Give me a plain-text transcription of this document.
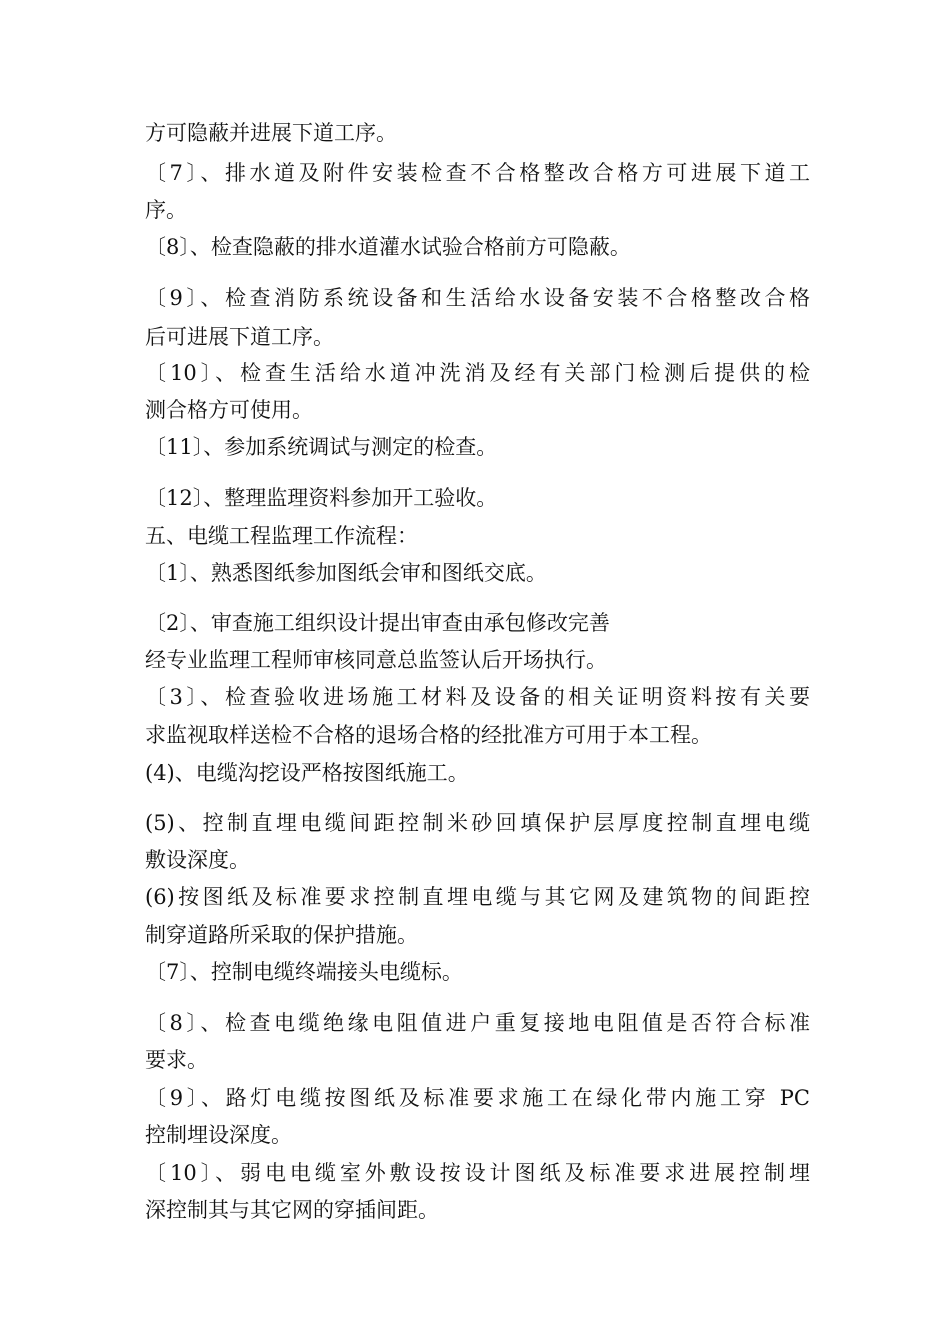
方可隐蔽并进展下道工序。
〔7〕、排水道及附件安装检查不合格整改合格方可进展下道工
序。
〔8〕、检查隐蔽的排水道灌水试验合格前方可隐蔽。
〔9〕、检查消防系统设备和生活给水设备安装不合格整改合格
后可进展下道工序。
〔10〕、检查生活给水道冲洗消及经有关部门检测后提供的检
测合格方可使用。
〔11〕、参加系统调试与测定的检查。
〔12〕、整理监理资料参加开工验收。
五、电缆工程监理工作流程：
〔1〕、熟悉图纸参加图纸会审和图纸交底。
〔2〕、审查施工组织设计提出审查由承包修改完善
经专业监理工程师审核同意总监签认后开场执行。
〔3〕、检查验收进场施工材料及设备的相关证明资料按有关要
求监视取样送检不合格的退场合格的经批准方可用于本工程。
(4)、电缆沟挖设严格按图纸施工。
(5)、控制直埋电缆间距控制米砂回填保护层厚度控制直埋电缆
敷设深度。
(6)按图纸及标准要求控制直埋电缆与其它网及建筑物的间距控
制穿道路所采取的保护措施。
〔7〕、控制电缆终端接头电缆标。
〔8〕、检查电缆绝缘电阻值进户重复接地电阻值是否符合标准
要求。
〔9〕、路灯电缆按图纸及标准要求施工在绿化带内施工穿 PC
控制埋设深度。
〔10〕、弱电电缆室外敷设按设计图纸及标准要求进展控制埋
深控制其与其它网的穿插间距。
